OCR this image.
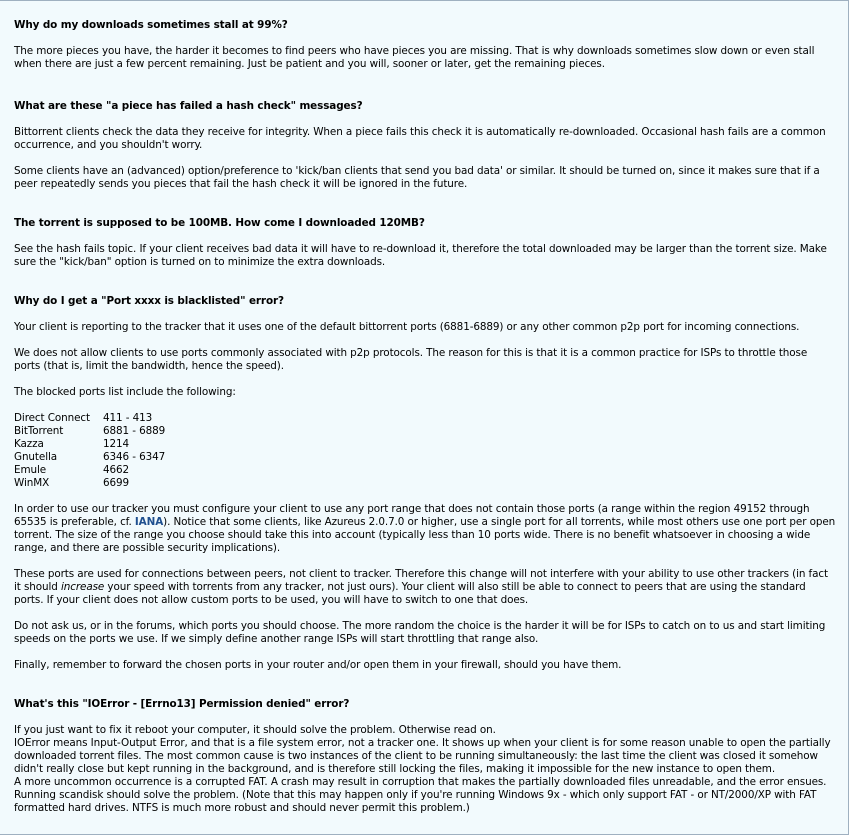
Why do my downloads sometimes stall at 99%?
The more pieces you have, the harder it becomes to find peers who have pieces you are missing. That is why downloads sometimes slow down or even stall when there are just a few percent remaining. Just be patient and you will, sooner or later, get the remaining pieces.
What are these "a piece has failed a hash check" messages?
Bittorrent clients check the data they receive for integrity. When a piece fails this check it is automatically re-downloaded. Occasional hash fails are a common occurrence, and you shouldn't worry.
Some clients have an (advanced) option/preference to 'kick/ban clients that send you bad data' or similar. It should be turned on, since it makes sure that if a peer repeatedly sends you pieces that fail the hash check it will be ignored in the future.
The torrent is supposed to be 100MB. How come I downloaded 120MB?
See the hash fails topic. If your client receives bad data it will have to re-download it, therefore the total downloaded may be larger than the torrent size. Make sure the "kick/ban" option is turned on to minimize the extra downloads.
Why do I get a "Port xxxx is blacklisted" error?
Your client is reporting to the tracker that it uses one of the default bittorrent ports (6881-6889) or any other common p2p port for incoming connections.
We does not allow clients to use ports commonly associated with p2p protocols. The reason for this is that it is a common practice for ISPs to throttle those ports (that is, limit the bandwidth, hence the speed).
The blocked ports list include the following:
Direct Connect	411 - 413
BitTorrent	6881 - 6889
Kazza	1214
Gnutella	6346 - 6347
Emule	4662
WinMX	6699
In order to use our tracker you must configure your client to use any port range that does not contain those ports (a range within the region 49152 through 65535 is preferable, cf. IANA). Notice that some clients, like Azureus 2.0.7.0 or higher, use a single port for all torrents, while most others use one port per open torrent. The size of the range you choose should take this into account (typically less than 10 ports wide. There is no benefit whatsoever in choosing a wide range, and there are possible security implications).
These ports are used for connections between peers, not client to tracker. Therefore this change will not interfere with your ability to use other trackers (in fact it should increase your speed with torrents from any tracker, not just ours). Your client will also still be able to connect to peers that are using the standard ports. If your client does not allow custom ports to be used, you will have to switch to one that does.
Do not ask us, or in the forums, which ports you should choose. The more random the choice is the harder it will be for ISPs to catch on to us and start limiting speeds on the ports we use. If we simply define another range ISPs will start throttling that range also.
Finally, remember to forward the chosen ports in your router and/or open them in your firewall, should you have them.
What's this "IOError - [Errno13] Permission denied" error?
If you just want to fix it reboot your computer, it should solve the problem. Otherwise read on.
IOError means Input-Output Error, and that is a file system error, not a tracker one. It shows up when your client is for some reason unable to open the partially downloaded torrent files. The most common cause is two instances of the client to be running simultaneously: the last time the client was closed it somehow didn't really close but kept running in the background, and is therefore still locking the files, making it impossible for the new instance to open them.
A more uncommon occurrence is a corrupted FAT. A crash may result in corruption that makes the partially downloaded files unreadable, and the error ensues. Running scandisk should solve the problem. (Note that this may happen only if you're running Windows 9x - which only support FAT - or NT/2000/XP with FAT formatted hard drives. NTFS is much more robust and should never permit this problem.)
